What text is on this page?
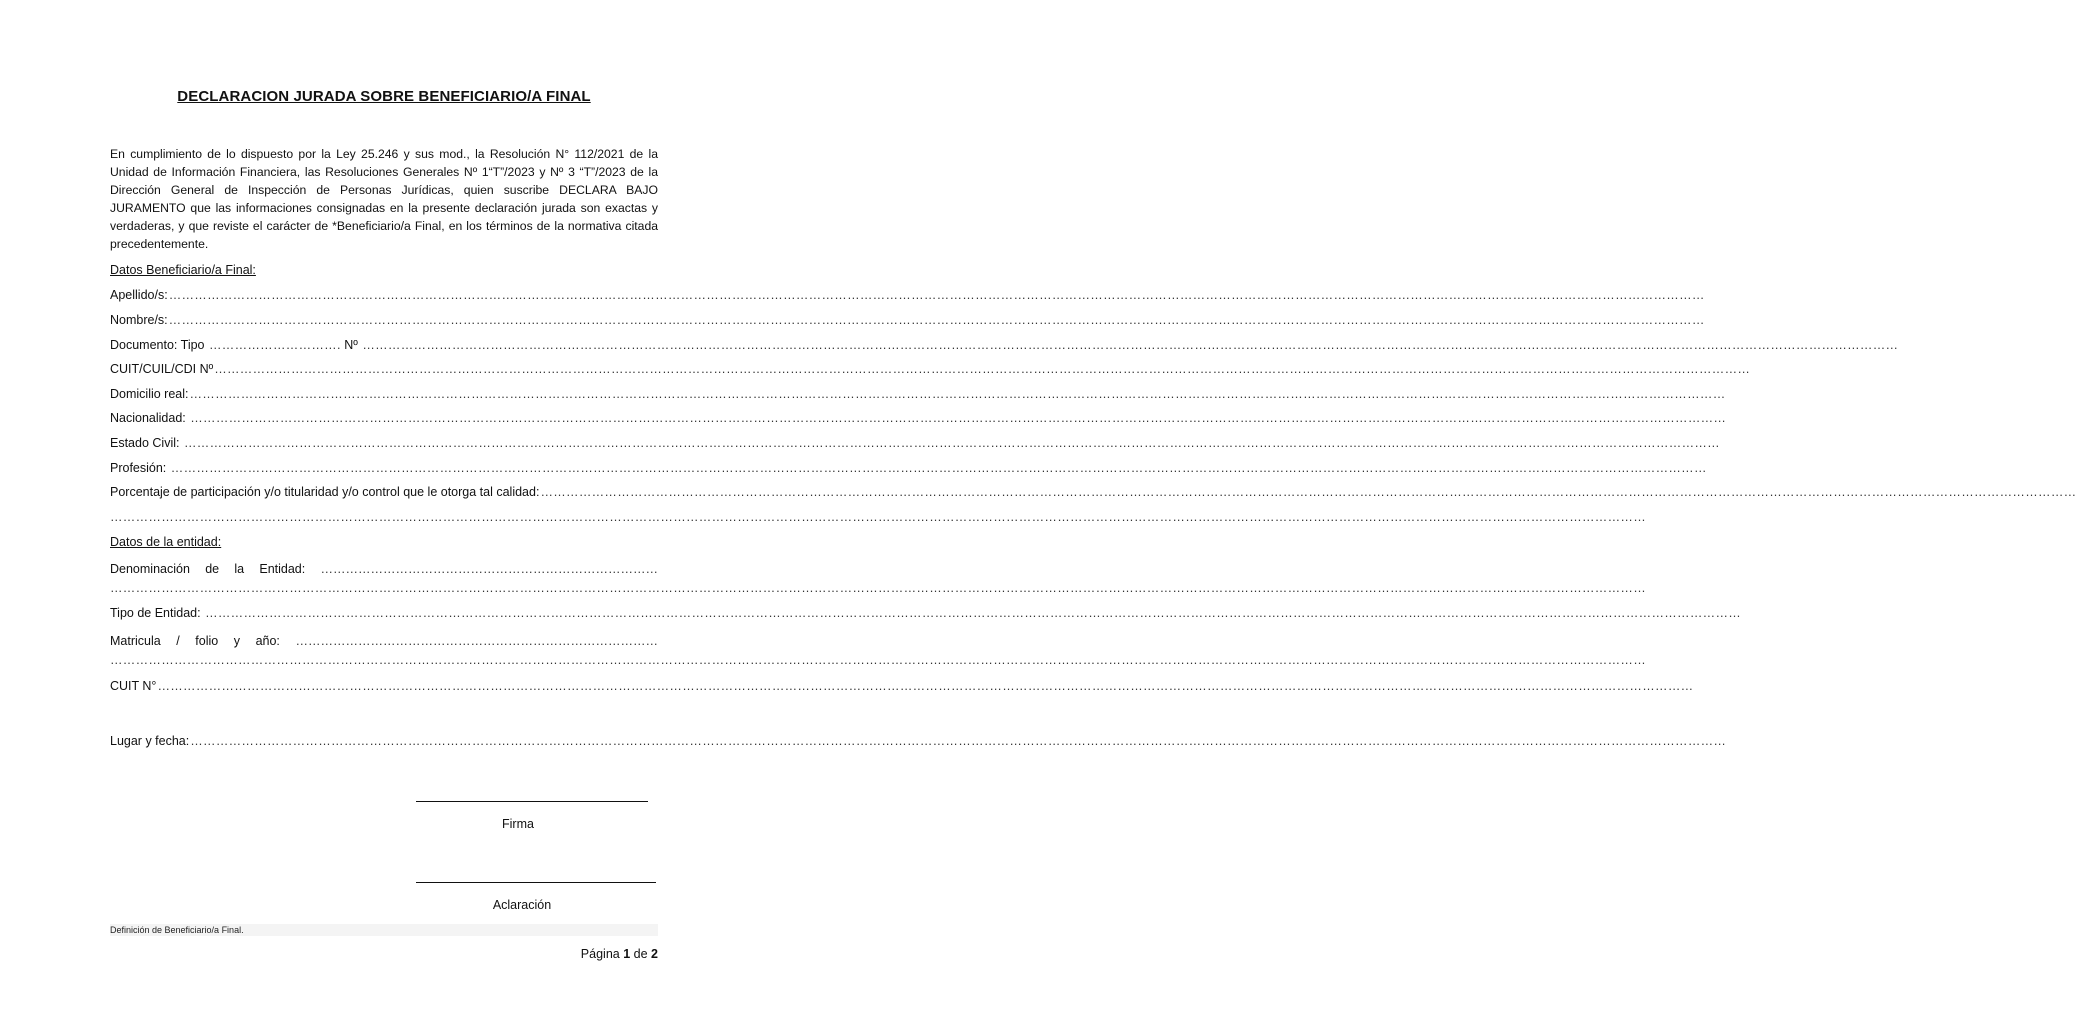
DECLARACION JURADA SOBRE BENEFICIARIO/A FINAL
En cumplimiento de lo dispuesto por la Ley 25.246 y sus mod., la Resolución N° 112/2021 de la Unidad de Información Financiera, las Resoluciones Generales Nº 1“T”/2023 y Nº 3 “T”/2023 de la Dirección General de Inspección de Personas Jurídicas, quien suscribe DECLARA BAJO JURAMENTO que las informaciones consignadas en la presente declaración jurada son exactas y verdaderas, y que reviste el carácter de *Beneficiario/a Final, en los términos de la normativa citada precedentemente.
Datos Beneficiario/a Final:
Apellido/s:………………………………………………………………………………………………………………………………………………………………………………………………………………………………………………………………………………………………………………………………
Nombre/s:………………………………………………………………………………………………………………………………………………………………………………………………………………………………………………………………………………………………………………………………
Documento: Tipo …………………………. Nº ………………………………………………………………………………………………………………………………………………………………………………………………………………………………………………………………………………………………………………………………
CUIT/CUIL/CDI Nº………………………………………………………………………………………………………………………………………………………………………………………………………………………………………………………………………………………………………………………………
Domicilio real:………………………………………………………………………………………………………………………………………………………………………………………………………………………………………………………………………………………………………………………………
Nacionalidad: ………………………………………………………………………………………………………………………………………………………………………………………………………………………………………………………………………………………………………………………………
Estado Civil: ………………………………………………………………………………………………………………………………………………………………………………………………………………………………………………………………………………………………………………………………
Profesión: ………………………………………………………………………………………………………………………………………………………………………………………………………………………………………………………………………………………………………………………………
Porcentaje de participación y/o titularidad y/o control que le otorga tal calidad:………………………………………………………………………………………………………………………………………………………………………………………………………………………………………………………………………………………………………………………………
………………………………………………………………………………………………………………………………………………………………………………………………………………………………………………………………………………………………………………………………
Datos de la entidad:
Denominación de la Entidad: ………………………………………………………………………
………………………………………………………………………………………………………………………………………………………………………………………………………………………………………………………………………………………………………………………………
Tipo de Entidad: ………………………………………………………………………………………………………………………………………………………………………………………………………………………………………………………………………………………………………………………………
Matricula / folio y año: ……………………………………………………………………………
………………………………………………………………………………………………………………………………………………………………………………………………………………………………………………………………………………………………………………………………
CUIT N°………………………………………………………………………………………………………………………………………………………………………………………………………………………………………………………………………………………………………………………………
Lugar y fecha:………………………………………………………………………………………………………………………………………………………………………………………………………………………………………………………………………………………………………………………………
Firma
Aclaración
Definición de Beneficiario/a Final.
Página 1 de 2
